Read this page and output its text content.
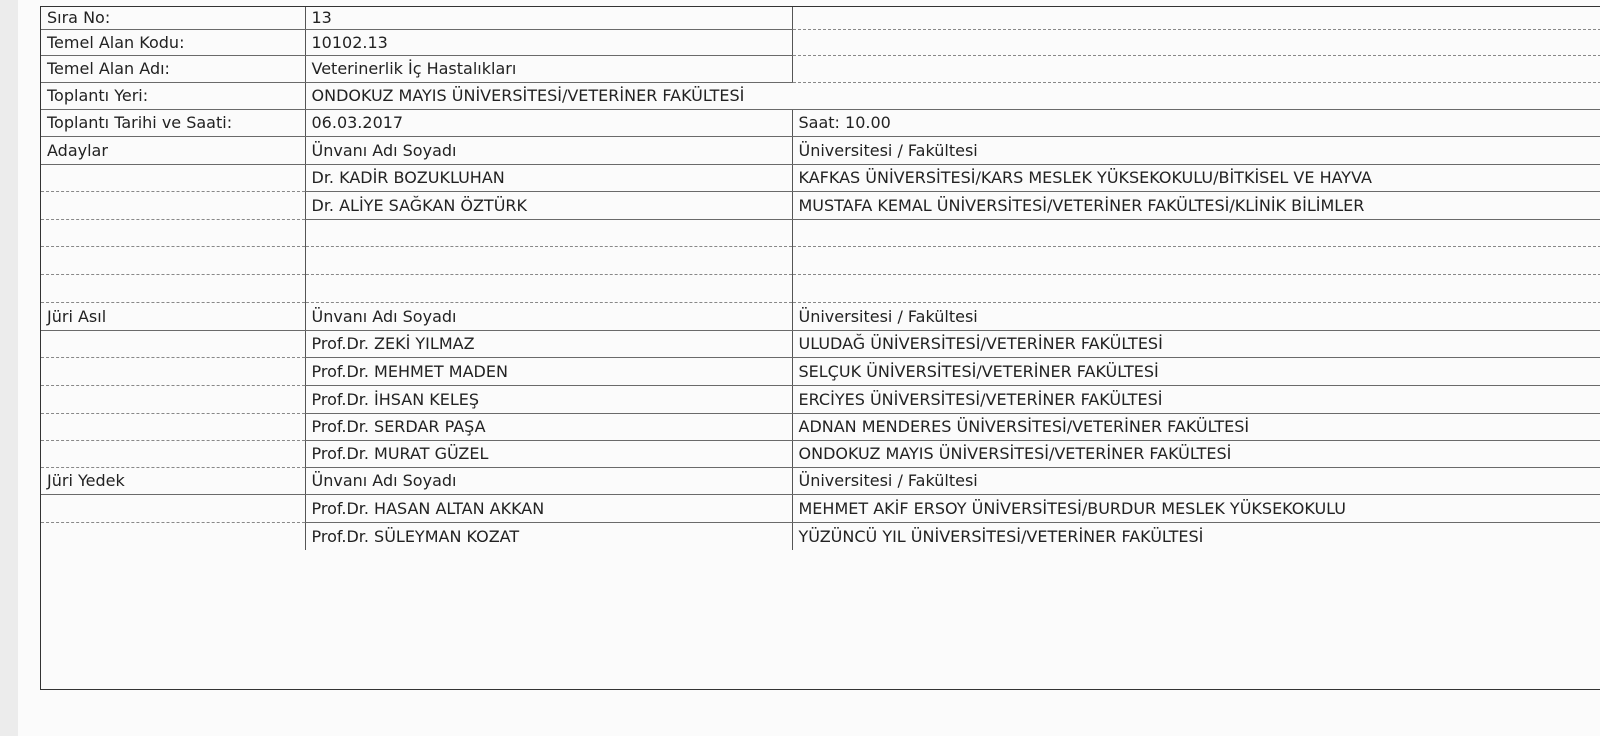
Sıra No:	13	
Temel Alan Kodu:	10102.13	
Temel Alan Adı:	Veterinerlik İç Hastalıkları	
Toplantı Yeri:	ONDOKUZ MAYIS ÜNİVERSİTESİ/VETERİNER FAKÜLTESİ	
Toplantı Tarihi ve Saati:	06.03.2017	Saat: 10.00
Adaylar	Ünvanı Adı Soyadı	Üniversitesi / Fakültesi
	Dr. KADİR BOZUKLUHAN	KAFKAS ÜNİVERSİTESİ/KARS MESLEK YÜKSEKOKULU/BİTKİSEL VE HAYVA
	Dr. ALİYE SAĞKAN ÖZTÜRK	MUSTAFA KEMAL ÜNİVERSİTESİ/VETERİNER FAKÜLTESİ/KLİNİK BİLİMLER

Jüri Asıl	Ünvanı Adı Soyadı	Üniversitesi / Fakültesi
	Prof.Dr. ZEKİ YILMAZ	ULUDAĞ ÜNİVERSİTESİ/VETERİNER FAKÜLTESİ
	Prof.Dr. MEHMET MADEN	SELÇUK ÜNİVERSİTESİ/VETERİNER FAKÜLTESİ
	Prof.Dr. İHSAN KELEŞ	ERCİYES ÜNİVERSİTESİ/VETERİNER FAKÜLTESİ
	Prof.Dr. SERDAR PAŞA	ADNAN MENDERES ÜNİVERSİTESİ/VETERİNER FAKÜLTESİ
	Prof.Dr. MURAT GÜZEL	ONDOKUZ MAYIS ÜNİVERSİTESİ/VETERİNER FAKÜLTESİ
Jüri Yedek	Ünvanı Adı Soyadı	Üniversitesi / Fakültesi
	Prof.Dr. HASAN ALTAN AKKAN	MEHMET AKİF ERSOY ÜNİVERSİTESİ/BURDUR MESLEK YÜKSEKOKULU
	Prof.Dr. SÜLEYMAN KOZAT	YÜZÜNCÜ YIL ÜNİVERSİTESİ/VETERİNER FAKÜLTESİ
